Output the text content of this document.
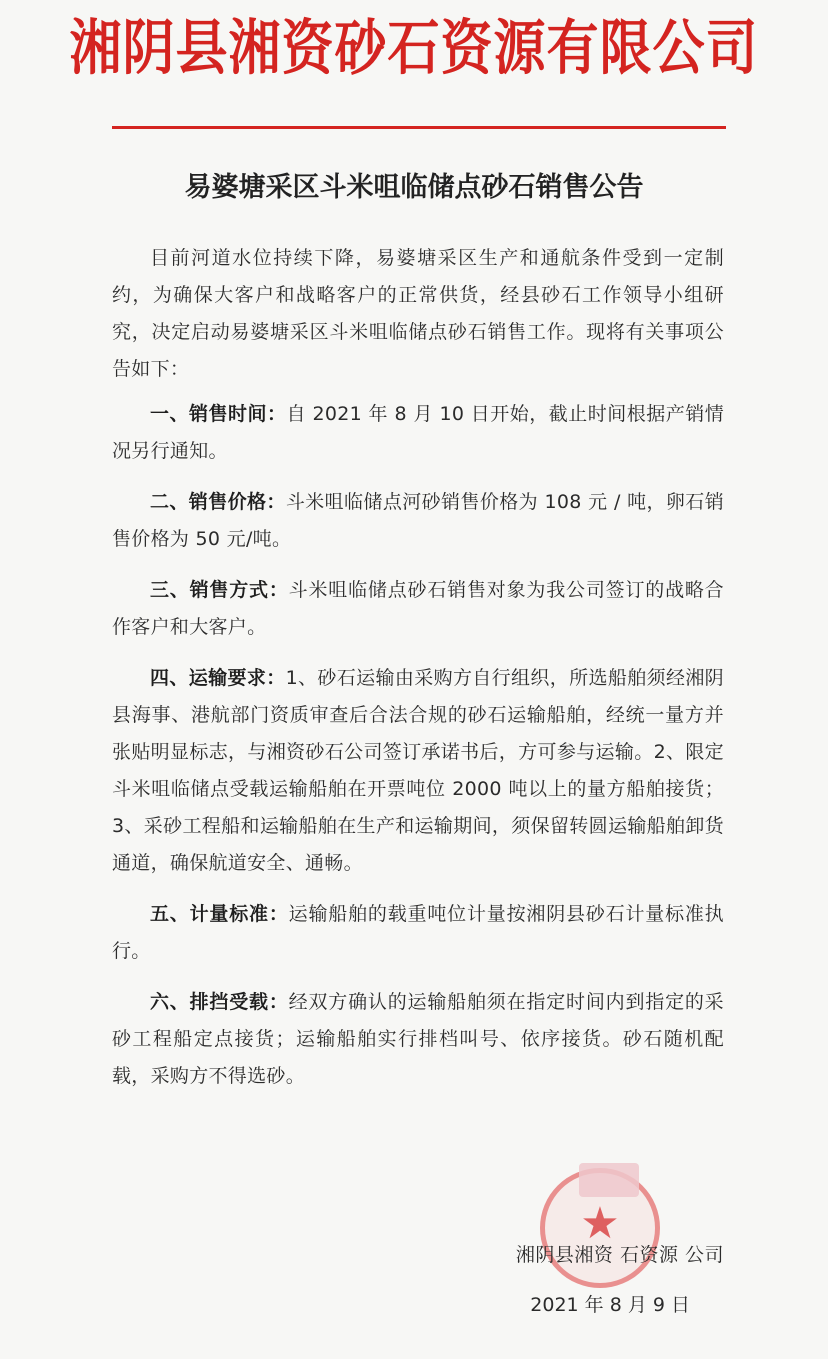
湘阴县湘资砂石资源有限公司
易婆塘采区斗米咀临储点砂石销售公告

目前河道水位持续下降，易婆塘采区生产和通航条件受到一定制约，为确保大客户和战略客户的正常供货，经县砂石工作领导小组研究，决定启动易婆塘采区斗米咀临储点砂石销售工作。现将有关事项公告如下：

一、销售时间：自 2021 年 8 月 10 日开始，截止时间根据产销情况另行通知。

二、销售价格：斗米咀临储点河砂销售价格为 108 元 / 吨，卵石销售价格为 50 元/吨。

三、销售方式：斗米咀临储点砂石销售对象为我公司签订的战略合作客户和大客户。

四、运输要求：1、砂石运输由采购方自行组织，所选船舶须经湘阴县海事、港航部门资质审查后合法合规的砂石运输船舶，经统一量方并张贴明显标志，与湘资砂石公司签订承诺书后，方可参与运输。2、限定斗米咀临储点受载运输船舶在开票吨位 2000 吨以上的量方船舶接货；3、采砂工程船和运输船舶在生产和运输期间，须保留转圆运输船舶卸货通道，确保航道安全、通畅。

五、计量标准：运输船舶的载重吨位计量按湘阴县砂石计量标准执行。

六、排挡受载：经双方确认的运输船舶须在指定时间内到指定的采砂工程船定点接货；运输船舶实行排档叫号、依序接货。砂石随机配载，采购方不得选砂。

★
湘阴县湘资 石资源 公司
2021 年 8 月 9 日
